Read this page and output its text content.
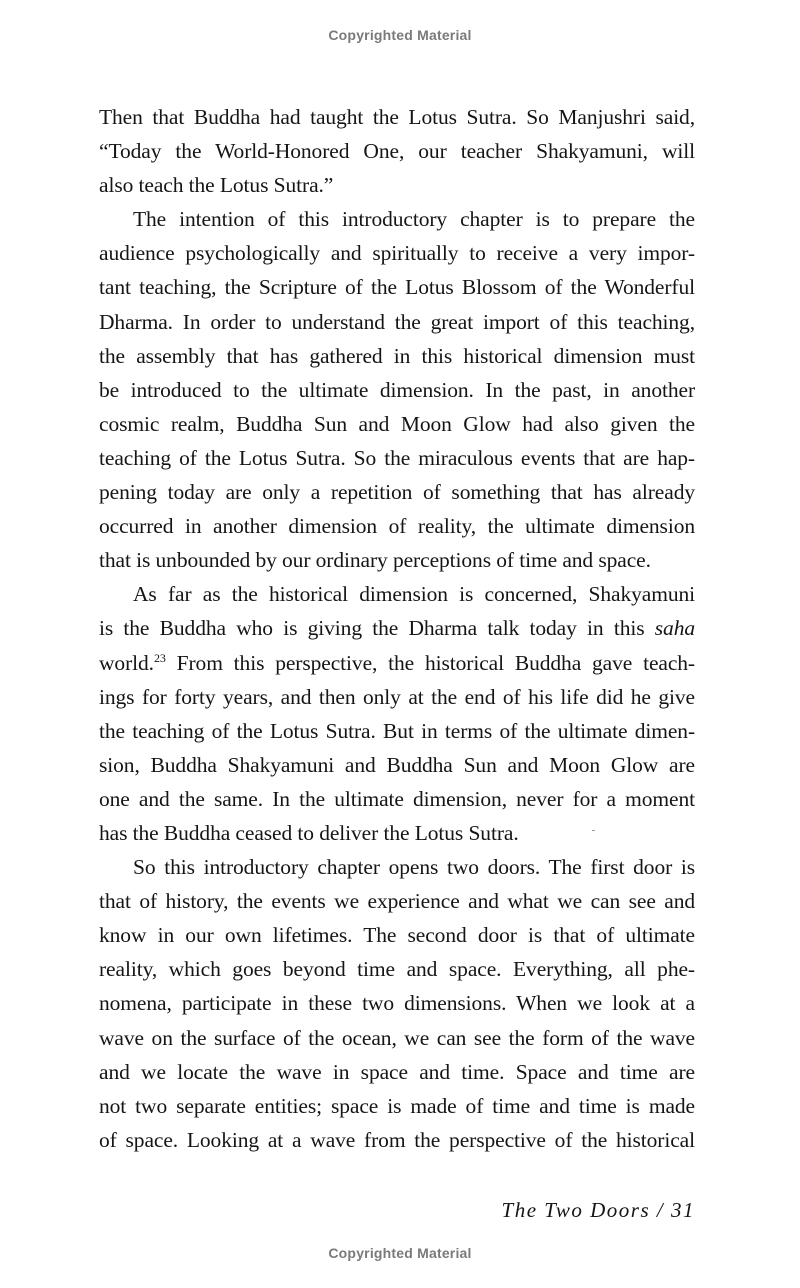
Copyrighted Material
Then that Buddha had taught the Lotus Sutra. So Manjushri said,
“Today the World-Honored One, our teacher Shakyamuni, will
also teach the Lotus Sutra.”
The intention of this introductory chapter is to prepare the
audience psychologically and spiritually to receive a very impor-
tant teaching, the Scripture of the Lotus Blossom of the Wonderful
Dharma. In order to understand the great import of this teaching,
the assembly that has gathered in this historical dimension must
be introduced to the ultimate dimension. In the past, in another
cosmic realm, Buddha Sun and Moon Glow had also given the
teaching of the Lotus Sutra. So the miraculous events that are hap-
pening today are only a repetition of something that has already
occurred in another dimension of reality, the ultimate dimension
that is unbounded by our ordinary perceptions of time and space.
As far as the historical dimension is concerned, Shakyamuni
is the Buddha who is giving the Dharma talk today in this saha
world.$^{23}$ From this perspective, the historical Buddha gave teach-
ings for forty years, and then only at the end of his life did he give
the teaching of the Lotus Sutra. But in terms of the ultimate dimen-
sion, Buddha Shakyamuni and Buddha Sun and Moon Glow are
one and the same. In the ultimate dimension, never for a moment
has the Buddha ceased to deliver the Lotus Sutra.
So this introductory chapter opens two doors. The first door is
that of history, the events we experience and what we can see and
know in our own lifetimes. The second door is that of ultimate
reality, which goes beyond time and space. Everything, all phe-
nomena, participate in these two dimensions. When we look at a
wave on the surface of the ocean, we can see the form of the wave
and we locate the wave in space and time. Space and time are
not two separate entities; space is made of time and time is made
of space. Looking at a wave from the perspective of the historical
The Two Doors / 31
Copyrighted Material
